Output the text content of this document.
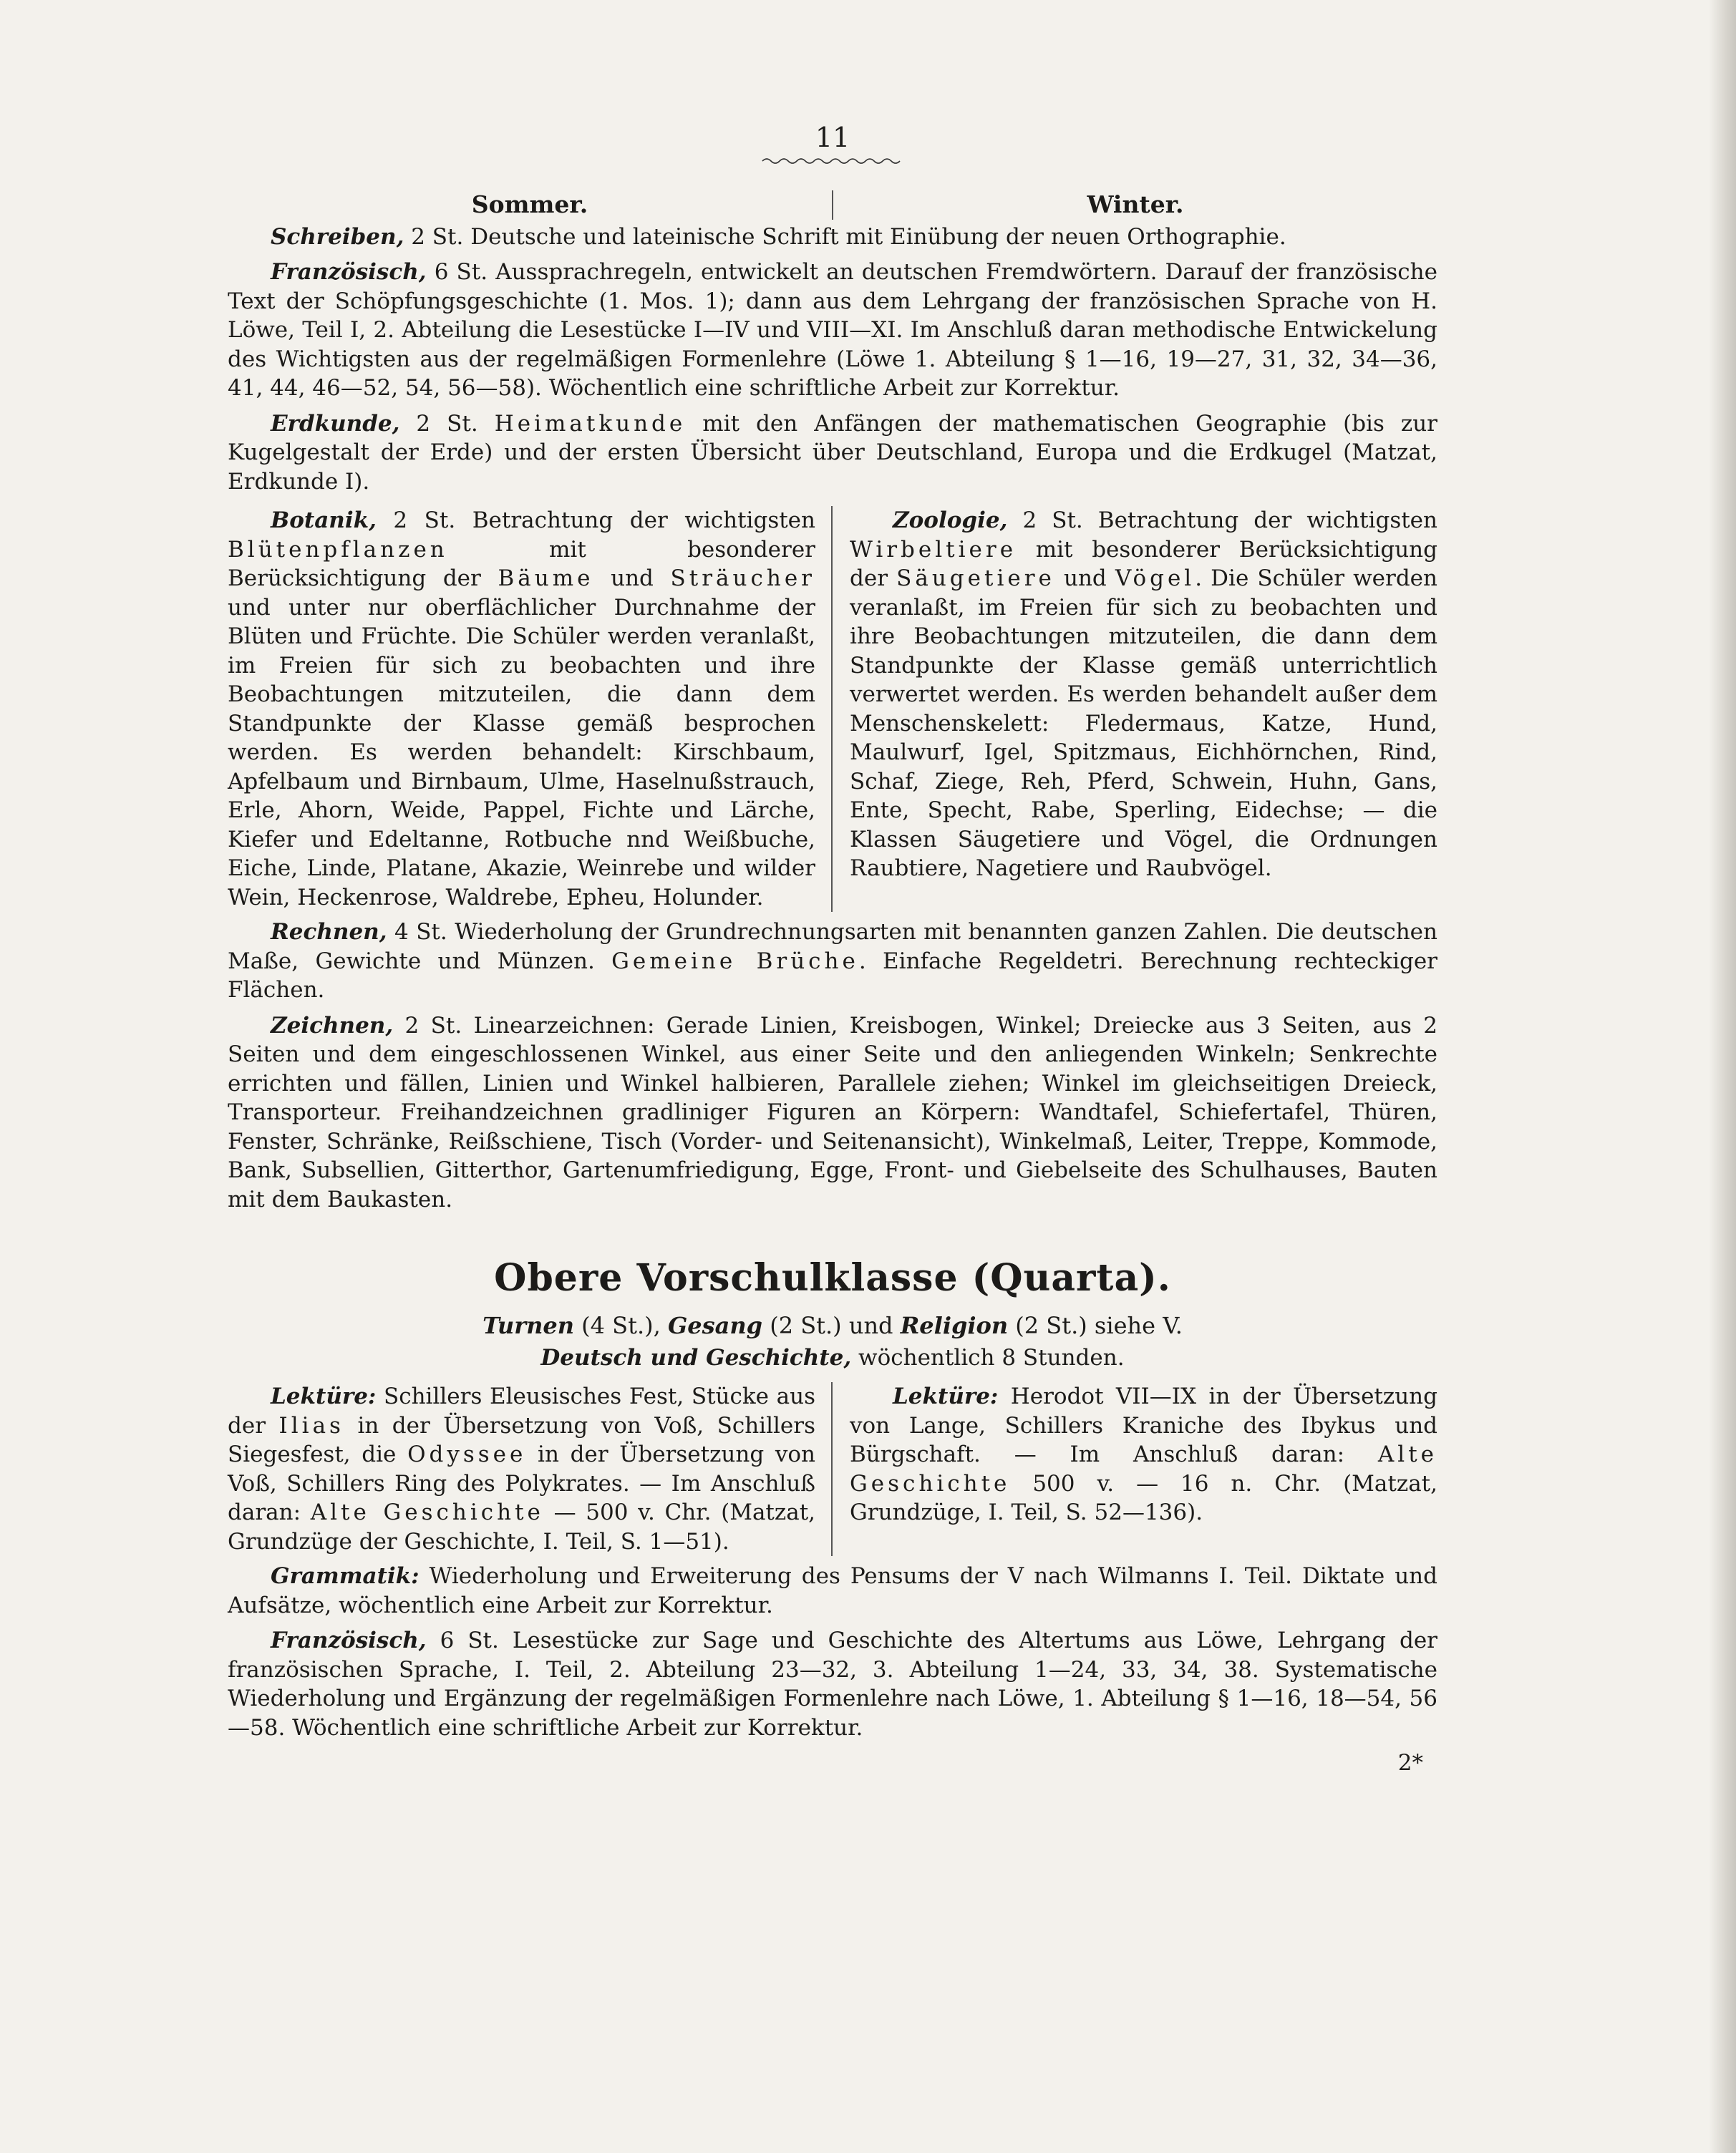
11
Sommer.	Winter.

Schreiben, 2 St. Deutsche und lateinische Schrift mit Einübung der neuen Orthographie.

Französisch, 6 St. Aussprachregeln, entwickelt an deutschen Fremdwörtern. Darauf der französische Text der Schöpfungsgeschichte (1. Mos. 1); dann aus dem Lehrgang der französischen Sprache von H. Löwe, Teil I, 2. Abteilung die Lesestücke I—IV und VIII—XI. Im Anschluß daran methodische Entwickelung des Wichtigsten aus der regelmäßigen Formenlehre (Löwe 1. Abteilung § 1—16, 19—27, 31, 32, 34—36, 41, 44, 46—52, 54, 56—58). Wöchentlich eine schriftliche Arbeit zur Korrektur.

Erdkunde, 2 St. Heimatkunde mit den Anfängen der mathematischen Geographie (bis zur Kugelgestalt der Erde) und der ersten Übersicht über Deutschland, Europa und die Erdkugel (Matzat, Erdkunde I).

Botanik, 2 St. Betrachtung der wichtigsten Blütenpflanzen mit besonderer Berücksichtigung der Bäume und Sträucher und unter nur oberflächlicher Durchnahme der Blüten und Früchte. Die Schüler werden veranlaßt, im Freien für sich zu beobachten und ihre Beobachtungen mitzuteilen, die dann dem Standpunkte der Klasse gemäß besprochen werden. Es werden behandelt: Kirschbaum, Apfelbaum und Birnbaum, Ulme, Haselnußstrauch, Erle, Ahorn, Weide, Pappel, Fichte und Lärche, Kiefer und Edeltanne, Rotbuche nnd Weißbuche, Eiche, Linde, Platane, Akazie, Weinrebe und wilder Wein, Heckenrose, Waldrebe, Epheu, Holunder.

Zoologie, 2 St. Betrachtung der wichtigsten Wirbeltiere mit besonderer Berücksichtigung der Säugetiere und Vögel. Die Schüler werden veranlaßt, im Freien für sich zu beobachten und ihre Beobachtungen mitzuteilen, die dann dem Standpunkte der Klasse gemäß unterrichtlich verwertet werden. Es werden behandelt außer dem Menschenskelett: Fledermaus, Katze, Hund, Maulwurf, Igel, Spitzmaus, Eichhörnchen, Rind, Schaf, Ziege, Reh, Pferd, Schwein, Huhn, Gans, Ente, Specht, Rabe, Sperling, Eidechse; — die Klassen Säugetiere und Vögel, die Ordnungen Raubtiere, Nagetiere und Raubvögel.

Rechnen, 4 St. Wiederholung der Grundrechnungsarten mit benannten ganzen Zahlen. Die deutschen Maße, Gewichte und Münzen. Gemeine Brüche. Einfache Regeldetri. Berechnung rechteckiger Flächen.

Zeichnen, 2 St. Linearzeichnen: Gerade Linien, Kreisbogen, Winkel; Dreiecke aus 3 Seiten, aus 2 Seiten und dem eingeschlossenen Winkel, aus einer Seite und den anliegenden Winkeln; Senkrechte errichten und fällen, Linien und Winkel halbieren, Parallele ziehen; Winkel im gleichseitigen Dreieck, Transporteur. Freihandzeichnen gradliniger Figuren an Körpern: Wandtafel, Schiefertafel, Thüren, Fenster, Schränke, Reißschiene, Tisch (Vorder- und Seitenansicht), Winkelmaß, Leiter, Treppe, Kommode, Bank, Subsellien, Gitterthor, Gartenumfriedigung, Egge, Front- und Giebelseite des Schulhauses, Bauten mit dem Baukasten.

Obere Vorschulklasse (Quarta).
Turnen (4 St.), Gesang (2 St.) und Religion (2 St.) siehe V.
Deutsch und Geschichte, wöchentlich 8 Stunden.

Lektüre: Schillers Eleusisches Fest, Stücke aus der Ilias in der Übersetzung von Voß, Schillers Siegesfest, die Odyssee in der Übersetzung von Voß, Schillers Ring des Polykrates. — Im Anschluß daran: Alte Geschichte — 500 v. Chr. (Matzat, Grundzüge der Geschichte, I. Teil, S. 1—51).

Lektüre: Herodot VII—IX in der Übersetzung von Lange, Schillers Kraniche des Ibykus und Bürgschaft. — Im Anschluß daran: Alte Geschichte 500 v. — 16 n. Chr. (Matzat, Grundzüge, I. Teil, S. 52—136).

Grammatik: Wiederholung und Erweiterung des Pensums der V nach Wilmanns I. Teil. Diktate und Aufsätze, wöchentlich eine Arbeit zur Korrektur.

Französisch, 6 St. Lesestücke zur Sage und Geschichte des Altertums aus Löwe, Lehrgang der französischen Sprache, I. Teil, 2. Abteilung 23—32, 3. Abteilung 1—24, 33, 34, 38. Systematische Wiederholung und Ergänzung der regelmäßigen Formenlehre nach Löwe, 1. Abteilung § 1—16, 18—54, 56—58. Wöchentlich eine schriftliche Arbeit zur Korrektur.

2*
